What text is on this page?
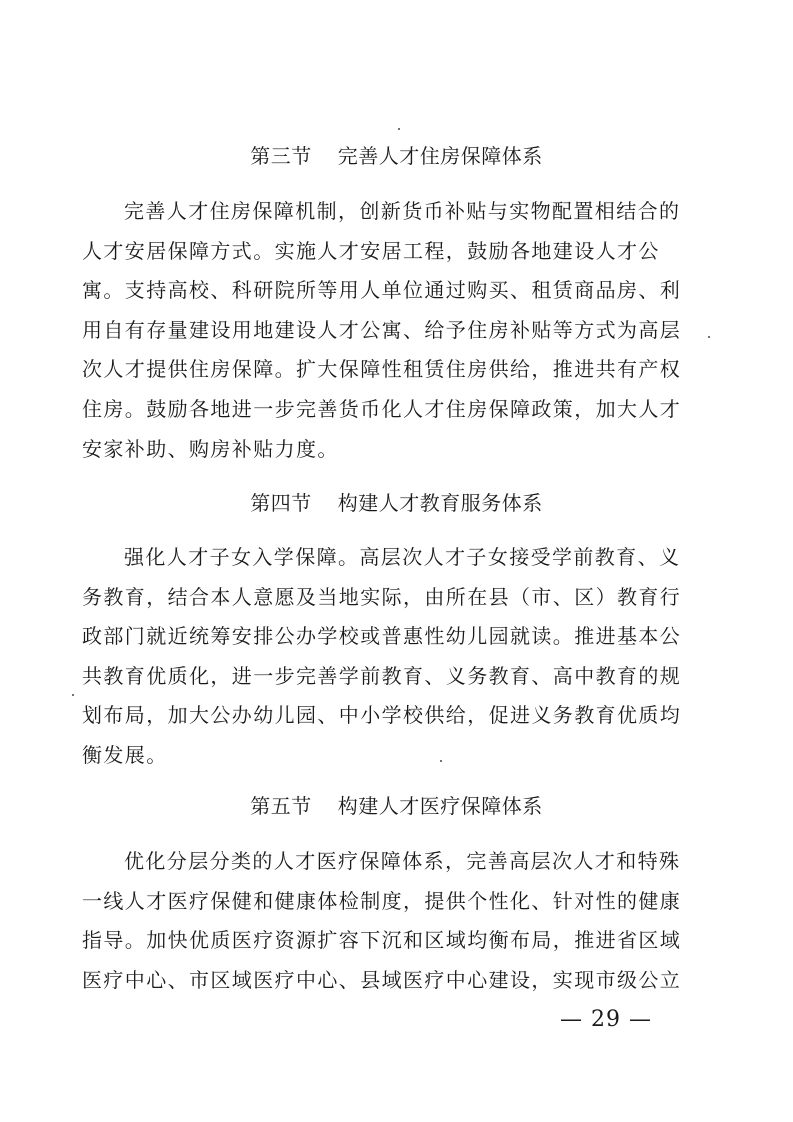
第三节 完善人才住房保障体系
完善人才住房保障机制，创新货币补贴与实物配置相结合的
人才安居保障方式。实施人才安居工程，鼓励各地建设人才公
寓。支持高校、科研院所等用人单位通过购买、租赁商品房、利
用自有存量建设用地建设人才公寓、给予住房补贴等方式为高层
次人才提供住房保障。扩大保障性租赁住房供给，推进共有产权
住房。鼓励各地进一步完善货币化人才住房保障政策，加大人才
安家补助、购房补贴力度。
第四节 构建人才教育服务体系
强化人才子女入学保障。高层次人才子女接受学前教育、义
务教育，结合本人意愿及当地实际，由所在县（市、区）教育行
政部门就近统筹安排公办学校或普惠性幼儿园就读。推进基本公
共教育优质化，进一步完善学前教育、义务教育、高中教育的规
划布局，加大公办幼儿园、中小学校供给，促进义务教育优质均
衡发展。
第五节 构建人才医疗保障体系
优化分层分类的人才医疗保障体系，完善高层次人才和特殊
一线人才医疗保健和健康体检制度，提供个性化、针对性的健康
指导。加快优质医疗资源扩容下沉和区域均衡布局，推进省区域
医疗中心、市区域医疗中心、县域医疗中心建设，实现市级公立
— 29 —
